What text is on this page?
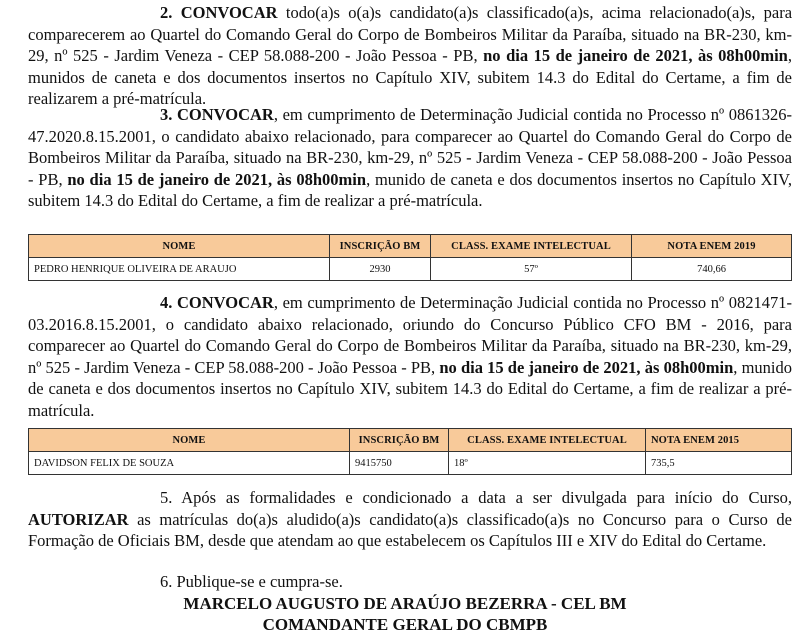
2. CONVOCAR todo(a)s o(a)s candidato(a)s classificado(a)s, acima relacionado(a)s, para comparecerem ao Quartel do Comando Geral do Corpo de Bombeiros Militar da Paraíba, situado na BR-230, km-29, nº 525 - Jardim Veneza - CEP 58.088-200 - João Pessoa - PB, no dia 15 de janeiro de 2021, às 08h00min, munidos de caneta e dos documentos insertos no Capítulo XIV, subitem 14.3 do Edital do Certame, a fim de realizarem a pré-matrícula.
3. CONVOCAR, em cumprimento de Determinação Judicial contida no Processo nº 0861326-47.2020.8.15.2001, o candidato abaixo relacionado, para comparecer ao Quartel do Comando Geral do Corpo de Bombeiros Militar da Paraíba, situado na BR-230, km-29, nº 525 - Jardim Veneza - CEP 58.088-200 - João Pessoa - PB, no dia 15 de janeiro de 2021, às 08h00min, munido de caneta e dos documentos insertos no Capítulo XIV, subitem 14.3 do Edital do Certame, a fim de realizar a pré-matrícula.
NOME	INSCRIÇÃO BM	CLASS. EXAME INTELECTUAL	NOTA ENEM 2019
PEDRO HENRIQUE OLIVEIRA DE ARAUJO	2930	57º	740,66
4. CONVOCAR, em cumprimento de Determinação Judicial contida no Processo nº 0821471-03.2016.8.15.2001, o candidato abaixo relacionado, oriundo do Concurso Público CFO BM - 2016, para comparecer ao Quartel do Comando Geral do Corpo de Bombeiros Militar da Paraíba, situado na BR-230, km-29, nº 525 - Jardim Veneza - CEP 58.088-200 - João Pessoa - PB, no dia 15 de janeiro de 2021, às 08h00min, munido de caneta e dos documentos insertos no Capítulo XIV, subitem 14.3 do Edital do Certame, a fim de realizar a pré-matrícula.
NOME	INSCRIÇÃO BM	CLASS. EXAME INTELECTUAL	NOTA ENEM 2015
DAVIDSON FELIX DE SOUZA	9415750	18º	735,5
5. Após as formalidades e condicionado a data a ser divulgada para início do Curso, AUTORIZAR as matrículas do(a)s aludido(a)s candidato(a)s classificado(a)s no Concurso para o Curso de Formação de Oficiais BM, desde que atendam ao que estabelecem os Capítulos III e XIV do Edital do Certame.
6. Publique-se e cumpra-se.
MARCELO AUGUSTO DE ARAÚJO BEZERRA - CEL BM
COMANDANTE GERAL DO CBMPB
